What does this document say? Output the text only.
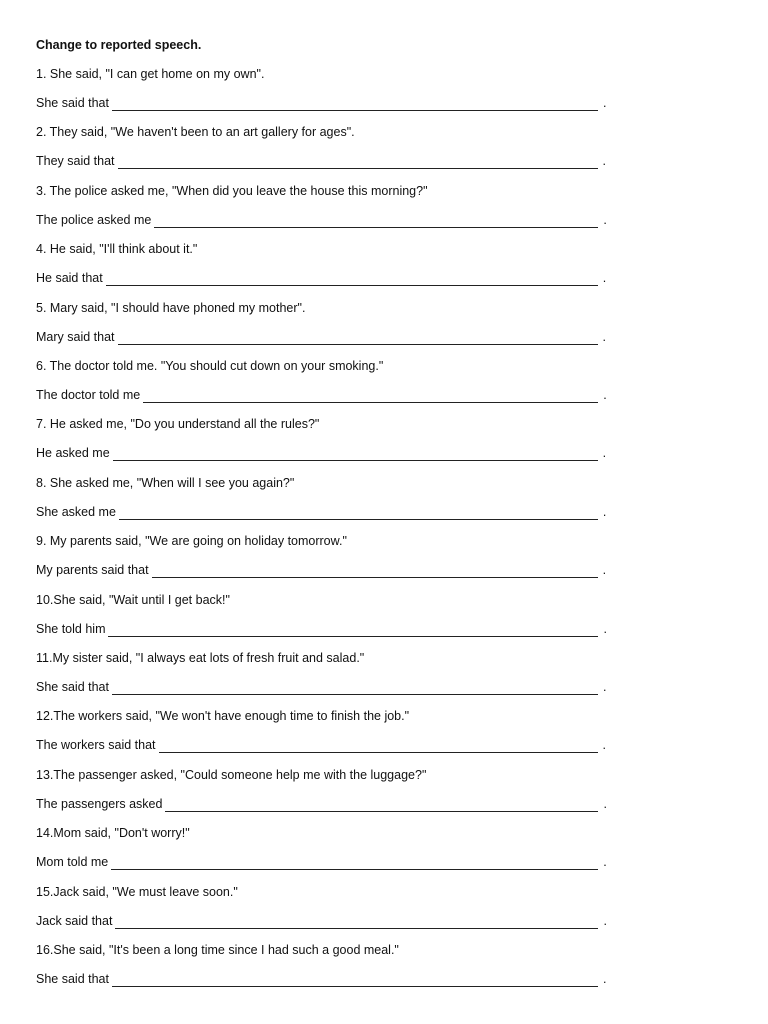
Change to reported speech.
1. She said, "I can get home on my own".
She said that	.
2. They said, "We haven't been to an art gallery for ages".
They said that	.
3. The police asked me, "When did you leave the house this morning?"
The police asked me	.
4. He said, "I'll think about it."
He said that	.
5. Mary said, "I should have phoned my mother".
Mary said that	.
6. The doctor told me. "You should cut down on your smoking."
The doctor told me	.
7. He asked me, "Do you understand all the rules?"
He asked me	.
8. She asked me, "When will I see you again?"
She asked me	.
9. My parents said, "We are going on holiday tomorrow."
My parents said that	.
10.She said, "Wait until I get back!"
She told him	.
11.My sister said, "I always eat lots of fresh fruit and salad."
She said that	.
12.The workers said, "We won't have enough time to finish the job."
The workers said that	.
13.The passenger asked, "Could someone help me with the luggage?"
The passengers asked	.
14.Mom said, "Don't worry!"
Mom told me	.
15.Jack said, "We must leave soon."
Jack said that	.
16.She said, "It's been a long time since I had such a good meal."
She said that	.
